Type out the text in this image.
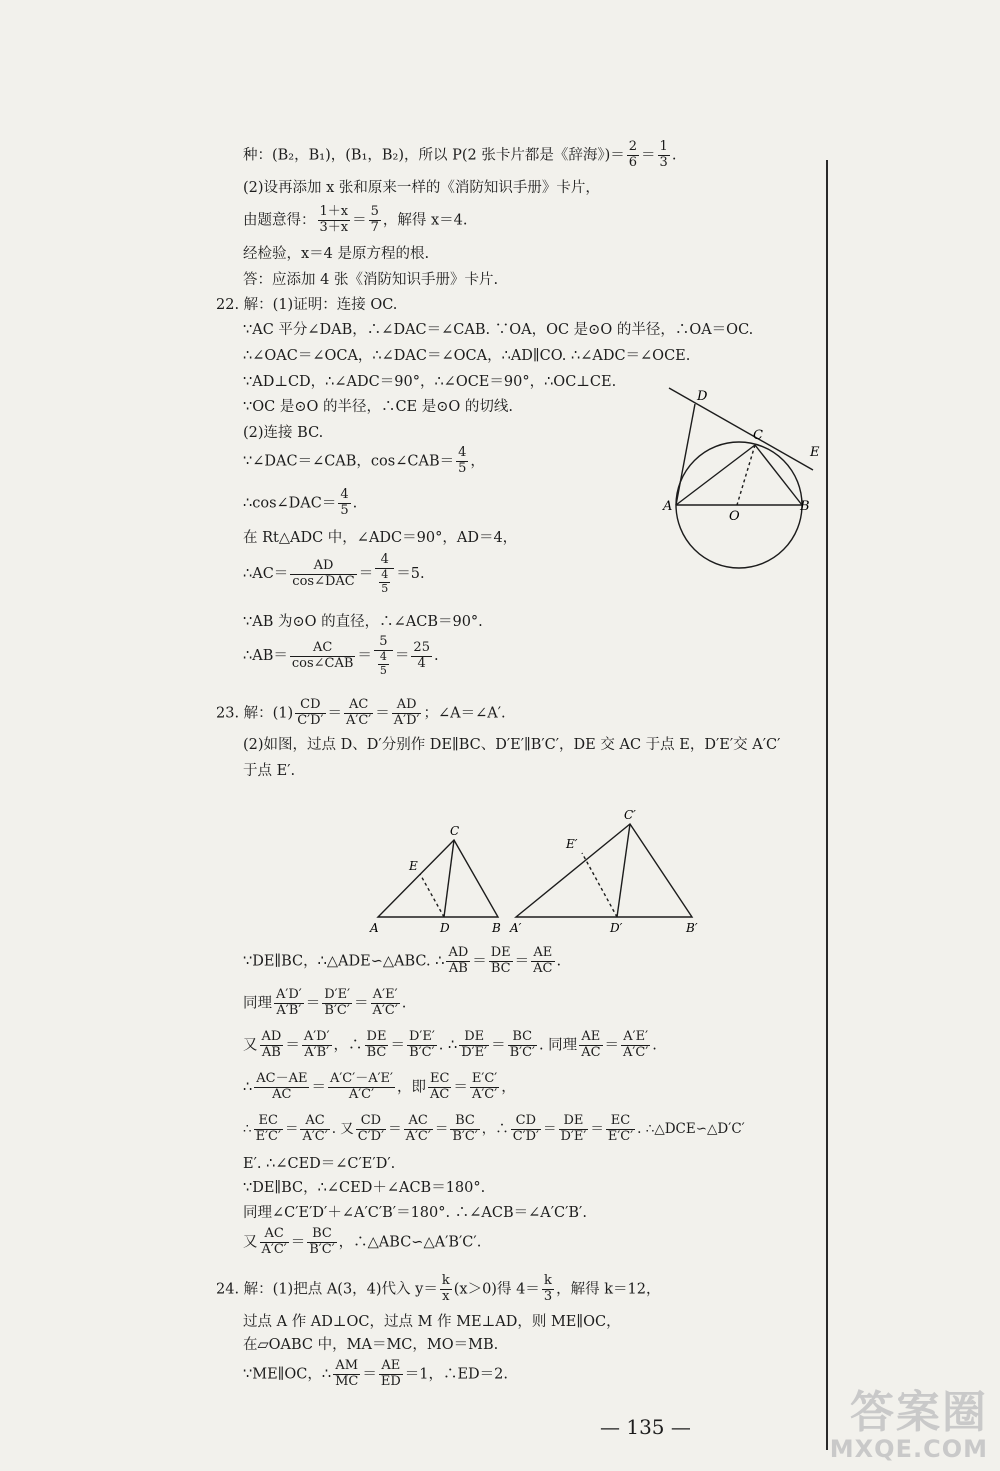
种：(B₂，B₁)，(B₁，B₂)，所以 P(2 张卡片都是《辞海》)＝ $\frac{2}{6} = \frac{1}{3}$ .
(2)设再添加 x 张和原来一样的《消防知识手册》卡片，
由题意得： $\frac{1+x}{3+x} = \frac{5}{7}$ ，解得 x＝4.
经检验，x＝4 是原方程的根.
答：应添加 4 张《消防知识手册》卡片.
22. 解：(1)证明：连接 OC.
∵AC 平分∠DAB，∴∠DAC＝∠CAB. ∵OA，OC 是⊙O 的半径，∴OA＝OC.
∴∠OAC＝∠OCA，∴∠DAC＝∠OCA，∴AD∥CO. ∴∠ADC＝∠OCE.
∵AD⊥CD，∴∠ADC＝90°，∴∠OCE＝90°，∴OC⊥CE.
∵OC 是⊙O 的半径，∴CE 是⊙O 的切线.
(2)连接 BC.
∵∠DAC＝∠CAB，cos∠CAB＝ $\frac{4}{5}$ ，
∴cos∠DAC＝ $\frac{4}{5}$ .
在 Rt△ADC 中，∠ADC＝90°，AD＝4，
∴AC＝
AD
cos∠DAC ＝ $\frac{4}{\frac{4}{5}} =5$.
∵AB 为⊙O 的直径，∴∠ACB＝90°.
∴AB＝
AC
cos∠CAB ＝ $\frac{5}{\frac{4}{5}} = \frac{25}{4}$ .
23. 解：$(1) \frac{CD}{C'D'} = \frac{AC}{A'C'} = \frac{AD}{A'D'}$ ；∠A＝∠A′.
(2)如图，过点 D、D′分别作 DE∥BC、D′E′∥B′C′，DE 交 AC 于点 E，D′E′交 A′C′
于点 E′.
D
C
E
A	B
O
C
E
A	D	B
C′
E′
A′	D′	B′
∵DE∥BC，∴△ADE∽△ABC. ∴ $\frac{AD}{AB} = \frac{DE}{BC} = \frac{AE}{AC}$ .
同理 $\frac{A'D'}{A'B'} = \frac{D'E'}{B'C'} = \frac{A'E'}{A'C'}$ .
又 $\frac{AD}{AB} = \frac{A'D'}{A'B'}$ ，∴ $\frac{DE}{BC} = \frac{D'E'}{B'C'}$ . ∴ $\frac{DE}{D'E'} = \frac{BC}{B'C'}$ . 同理 $\frac{AE}{AC} = \frac{A'E'}{A'C'}$ .
∴ $\frac{AC-AE}{AC} = \frac{A'C'-A'E'}{A'C'}$ ，即 $\frac{EC}{AC} = \frac{E'C'}{A'C'}$ ，
∴ $\frac{EC}{E'C'} = \frac{AC}{A'C'}$ . 又 $\frac{CD}{C'D'} = \frac{AC}{A'C'} = \frac{BC}{B'C'}$ ，∴ $\frac{CD}{C'D'} = \frac{DE}{D'E'} = \frac{EC}{E'C'}$ . ∴△DCE∽△D′C′
E′. ∴∠CED＝∠C′E′D′.
∵DE∥BC，∴∠CED＋∠ACB＝180°.
同理∠C′E′D′＋∠A′C′B′＝180°. ∴∠ACB＝∠A′C′B′.
又 $\frac{AC}{A'C'} = \frac{BC}{B'C'}$ ，∴△ABC∽△A′B′C′.
24. 解：(1)把点 A(3，4)代入 $y= \frac{k}{x} (x>0)$得 $4= \frac{k}{3}$ ，解得 k＝12，
过点 A 作 AD⊥OC，过点 M 作 ME⊥AD，则 ME∥OC，
在▱OABC 中，MA＝MC，MO＝MB.
∵ME∥OC，∴ $\frac{AM}{MC} = \frac{AE}{ED} =1$，∴ED＝2.
— 135 —	答案圈
MXQE.COM
